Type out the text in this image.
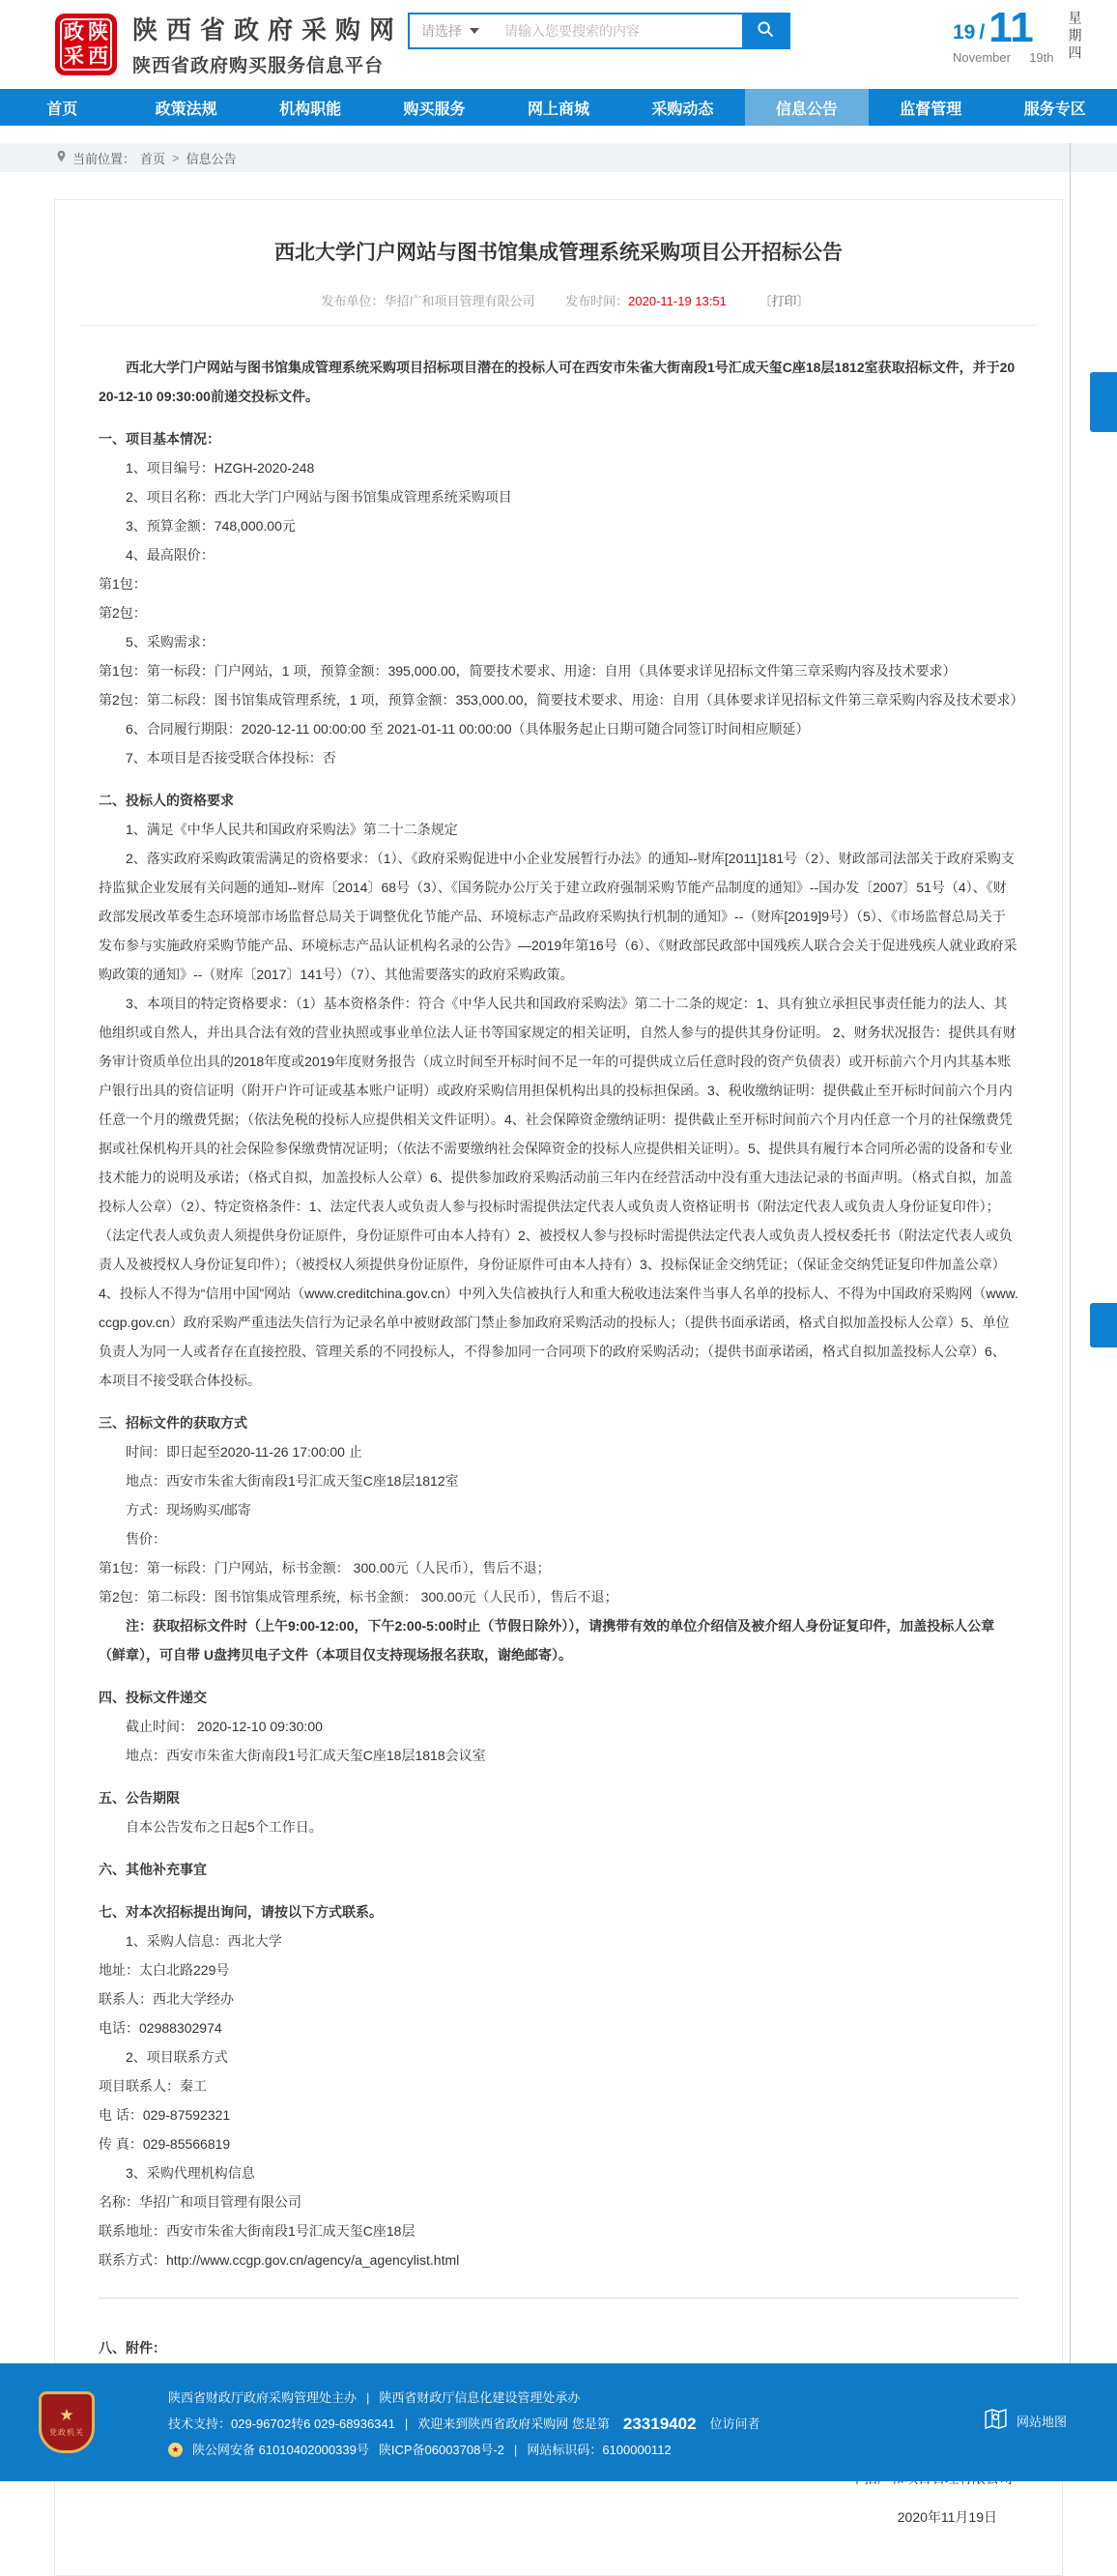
政 陕
采 西
陕西省政府采购网
陕西省政府购买服务信息平台
请选择
请输入您要搜索的内容	19 / 11
November 19th 星期四
首页	政策法规	机构职能	购买服务	网上商城	采购动态	信息公告	监督管理	服务专区
当前位置： 首页 > 信息公告
西北大学门户网站与图书馆集成管理系统采购项目公开招标公告
发布单位：华招广和项目管理有限公司 发布时间：2020-11-19 13:51	〔打印〕

西北大学门户网站与图书馆集成管理系统采购项目招标项目潜在的投标人可在西安市朱雀大街南段1号汇成天玺C座18层1812室获取招标文件，并于2020-12-10 09:30:00前递交投标文件。

一、项目基本情况：

1、项目编号：HZGH-2020-248

2、项目名称：西北大学门户网站与图书馆集成管理系统采购项目

3、预算金额：748,000.00元

4、最高限价：

第1包：

第2包：

5、采购需求：

第1包：第一标段：门户网站，1 项，预算金额：395,000.00，简要技术要求、用途：自用（具体要求详见招标文件第三章采购内容及技术要求）

第2包：第二标段：图书馆集成管理系统，1 项，预算金额：353,000.00，简要技术要求、用途：自用（具体要求详见招标文件第三章采购内容及技术要求）

6、合同履行期限：2020-12-11 00:00:00 至 2021-01-11 00:00:00（具体服务起止日期可随合同签订时间相应顺延）

7、本项目是否接受联合体投标：否

二、投标人的资格要求

1、满足《中华人民共和国政府采购法》第二十二条规定

2、落实政府采购政策需满足的资格要求：（1）、《政府采购促进中小企业发展暂行办法》的通知--财库[2011]181号（2）、财政部司法部关于政府采购支持监狱企业发展有关问题的通知--财库〔2014〕68号（3）、《国务院办公厅关于建立政府强制采购节能产品制度的通知》--国办发〔2007〕51号（4）、《财政部发展改革委生态环境部市场监督总局关于调整优化节能产品、环境标志产品政府采购执行机制的通知》--（财库[2019]9号）（5）、《市场监督总局关于发布参与实施政府采购节能产品、环境标志产品认证机构名录的公告》—2019年第16号（6）、《财政部民政部中国残疾人联合会关于促进残疾人就业政府采购政策的通知》--（财库〔2017〕141号）（7）、其他需要落实的政府采购政策。

3、本项目的特定资格要求：（1）基本资格条件：符合《中华人民共和国政府采购法》第二十二条的规定：1、具有独立承担民事责任能力的法人、其他组织或自然人，并出具合法有效的营业执照或事业单位法人证书等国家规定的相关证明，自然人参与的提供其身份证明。 2、财务状况报告：提供具有财务审计资质单位出具的2018年度或2019年度财务报告（成立时间至开标时间不足一年的可提供成立后任意时段的资产负债表）或开标前六个月内其基本账户银行出具的资信证明（附开户许可证或基本账户证明）或政府采购信用担保机构出具的投标担保函。3、税收缴纳证明：提供截止至开标时间前六个月内任意一个月的缴费凭据；（依法免税的投标人应提供相关文件证明）。4、社会保障资金缴纳证明：提供截止至开标时间前六个月内任意一个月的社保缴费凭据或社保机构开具的社会保险参保缴费情况证明；（依法不需要缴纳社会保障资金的投标人应提供相关证明）。5、提供具有履行本合同所必需的设备和专业技术能力的说明及承诺；（格式自拟，加盖投标人公章）6、提供参加政府采购活动前三年内在经营活动中没有重大违法记录的书面声明。（格式自拟，加盖投标人公章）（2）、特定资格条件：1、法定代表人或负责人参与投标时需提供法定代表人或负责人资格证明书（附法定代表人或负责人身份证复印件）；（法定代表人或负责人须提供身份证原件，身份证原件可由本人持有）2、被授权人参与投标时需提供法定代表人或负责人授权委托书（附法定代表人或负责人及被授权人身份证复印件）；（被授权人须提供身份证原件，身份证原件可由本人持有）3、投标保证金交纳凭证；（保证金交纳凭证复印件加盖公章）4、投标人不得为“信用中国”网站（www.creditchina.gov.cn）中列入失信被执行人和重大税收违法案件当事人名单的投标人、不得为中国政府采购网（www.ccgp.gov.cn）政府采购严重违法失信行为记录名单中被财政部门禁止参加政府采购活动的投标人；（提供书面承诺函，格式自拟加盖投标人公章）5、单位负责人为同一人或者存在直接控股、管理关系的不同投标人，不得参加同一合同项下的政府采购活动；（提供书面承诺函，格式自拟加盖投标人公章）6、本项目不接受联合体投标。

三、招标文件的获取方式

时间：即日起至2020-11-26 17:00:00 止

地点：西安市朱雀大街南段1号汇成天玺C座18层1812室

方式：现场购买/邮寄

售价：

第1包：第一标段：门户网站，标书金额： 300.00元（人民币），售后不退；

第2包：第二标段：图书馆集成管理系统，标书金额： 300.00元（人民币），售后不退；

注：获取招标文件时（上午9:00-12:00，下午2:00-5:00时止（节假日除外）），请携带有效的单位介绍信及被介绍人身份证复印件，加盖投标人公章（鲜章），可自带 U盘拷贝电子文件（本项目仅支持现场报名获取，谢绝邮寄）。

四、投标文件递交

截止时间： 2020-12-10 09:30:00

地点：西安市朱雀大街南段1号汇成天玺C座18层1818会议室

五、公告期限

自本公告发布之日起5个工作日。

六、其他补充事宜

七、对本次招标提出询问，请按以下方式联系。

1、采购人信息：西北大学

地址：太白北路229号

联系人：西北大学经办

电话：02988302974

2、项目联系方式

项目联系人：秦工

电 话：029-87592321

传 真：029-85566819

3、采购代理机构信息

名称：华招广和项目管理有限公司

联系地址：西安市朱雀大街南段1号汇成天玺C座18层

联系方式：http://www.ccgp.gov.cn/agency/a_agencylist.html

八、附件：

2020年11月19日
★
党政机关
陕西省财政厅政府采购管理处主办 | 陕西省财政厅信息化建设管理处承办
技术支持：029-96702转6 029-68936341 | 欢迎来到陕西省政府采购网 您是第 23319402 位访问者
★ 陕公网安备 61010402000339号 陕ICP备06003708号-2 | 网站标识码：6100000112
网站地图
